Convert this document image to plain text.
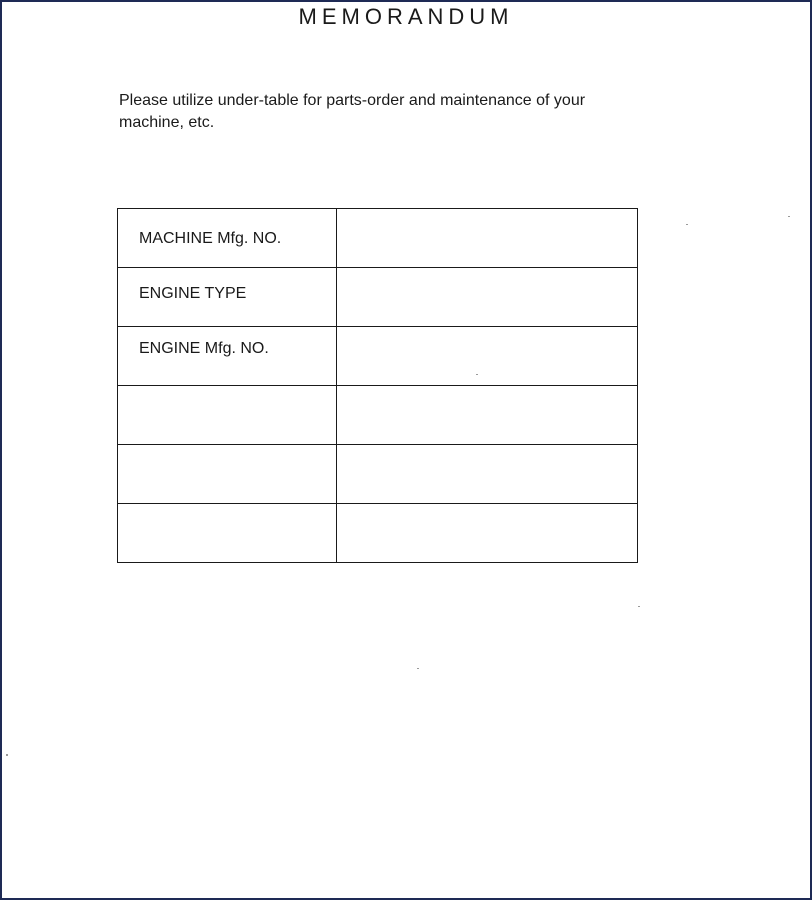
MEMORANDUM
Please utilize under-table for parts-order and maintenance of your machine, etc.
MACHINE Mfg. NO.	

ENGINE TYPE	

ENGINE Mfg. NO.	
